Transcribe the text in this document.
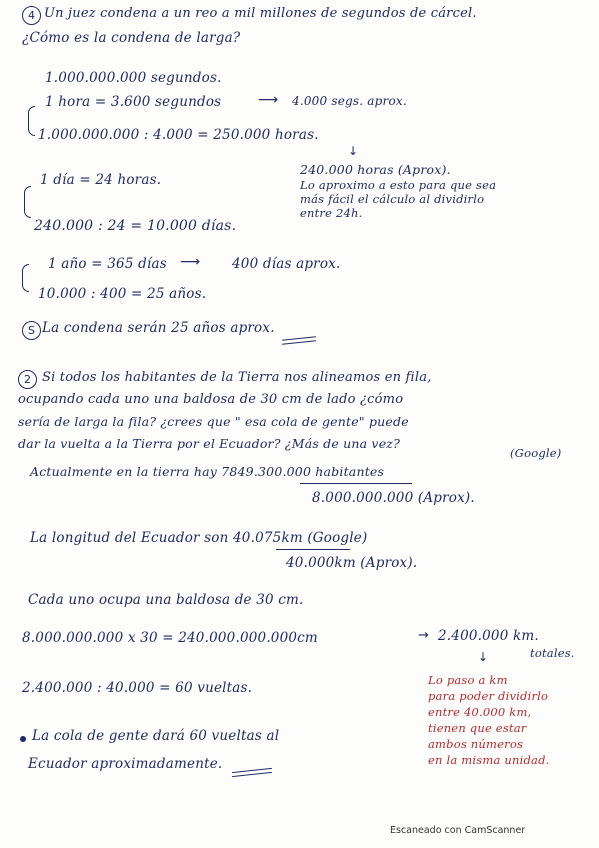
4 Un juez condena a un reo a mil millones de segundos de cárcel.
¿Cómo es la condena de larga?
1.000.000.000 segundos.
1 hora = 3.600 segundos	⟶ 4.000 segs. aprox.
1.000.000.000 : 4.000 = 250.000 horas.
↓
240.000 horas (Aprox).
Lo aproximo a esto para que sea
más fácil el cálculo al dividirlo
entre 24h.
1 día = 24 horas.
240.000 : 24 = 10.000 días.
1 año = 365 días ⟶ 400 días aprox.
10.000 : 400 = 25 años.
S La condena serán 25 años aprox.
2 Si todos los habitantes de la Tierra nos alineamos en fila,
ocupando cada uno una baldosa de 30 cm de lado ¿cómo
sería de larga la fila? ¿crees que " esa cola de gente" puede
dar la vuelta a la Tierra por el Ecuador? ¿Más de una vez?
(Google)
Actualmente en la tierra hay 7849.300.000 habitantes
8.000.000.000 (Aprox).
La longitud del Ecuador son 40.075km (Google)
40.000km (Aprox).
Cada uno ocupa una baldosa de 30 cm.
8.000.000.000 x 30 = 240.000.000.000cm	→ 2.400.000 km.
totales.
↓
2.400.000 : 40.000 = 60 vueltas.	Lo paso a km
para poder dividirlo
entre 40.000 km,
tienen que estar
ambos números
en la misma unidad.
La cola de gente dará 60 vueltas al
Ecuador aproximadamente.
Escaneado con CamScanner
